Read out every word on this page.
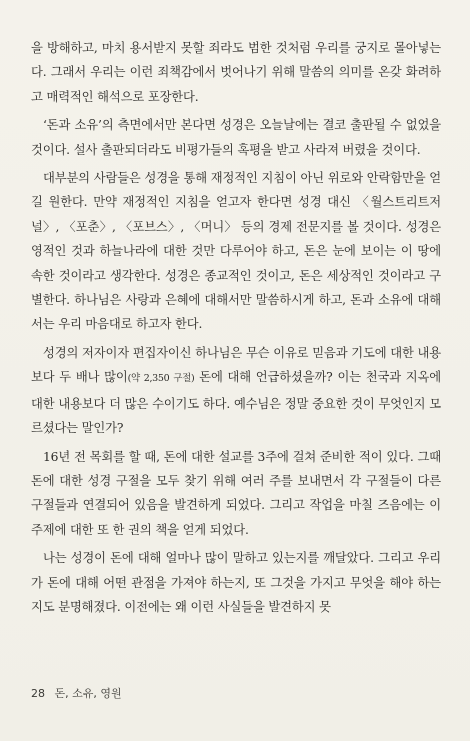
을 방해하고, 마치 용서받지 못할 죄라도 범한 것처럼 우리를 궁지로 몰아넣는다. 그래서 우리는 이런 죄책감에서 벗어나기 위해 말씀의 의미를 온갖 화려하고 매력적인 해석으로 포장한다.

‘돈과 소유’의 측면에서만 본다면 성경은 오늘날에는 결코 출판될 수 없었을 것이다. 설사 출판되더라도 비평가들의 혹평을 받고 사라져 버렸을 것이다.

대부분의 사람들은 성경을 통해 재정적인 지침이 아닌 위로와 안락함만을 얻길 원한다. 만약 재정적인 지침을 얻고자 한다면 성경 대신 〈월스트리트저널〉, 〈포춘〉, 〈포브스〉, 〈머니〉 등의 경제 전문지를 볼 것이다. 성경은 영적인 것과 하늘나라에 대한 것만 다루어야 하고, 돈은 눈에 보이는 이 땅에 속한 것이라고 생각한다. 성경은 종교적인 것이고, 돈은 세상적인 것이라고 구별한다. 하나님은 사랑과 은혜에 대해서만 말씀하시게 하고, 돈과 소유에 대해서는 우리 마음대로 하고자 한다.

성경의 저자이자 편집자이신 하나님은 무슨 이유로 믿음과 기도에 대한 내용보다 두 배나 많이(약 2,350 구절) 돈에 대해 언급하셨을까? 이는 천국과 지옥에 대한 내용보다 더 많은 수이기도 하다. 예수님은 정말 중요한 것이 무엇인지 모르셨다는 말인가?

16년 전 목회를 할 때, 돈에 대한 설교를 3주에 걸쳐 준비한 적이 있다. 그때 돈에 대한 성경 구절을 모두 찾기 위해 여러 주를 보내면서 각 구절들이 다른 구절들과 연결되어 있음을 발견하게 되었다. 그리고 작업을 마칠 즈음에는 이 주제에 대한 또 한 권의 책을 얻게 되었다.

나는 성경이 돈에 대해 얼마나 많이 말하고 있는지를 깨달았다. 그리고 우리가 돈에 대해 어떤 관점을 가져야 하는지, 또 그것을 가지고 무엇을 해야 하는지도 분명해졌다. 이전에는 왜 이런 사실들을 발견하지 못

28 돈, 소유, 영원
